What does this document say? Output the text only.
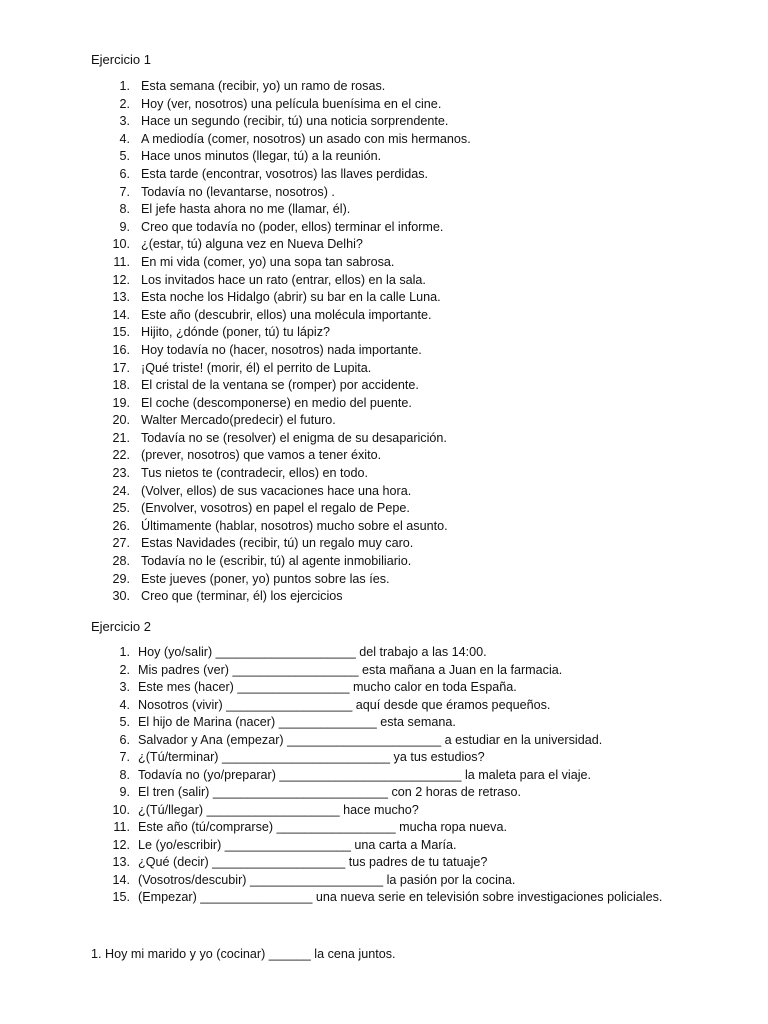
Ejercicio 1
1. Esta semana (recibir, yo) un ramo de rosas.
2. Hoy (ver, nosotros) una película buenísima en el cine.
3. Hace un segundo (recibir, tú) una noticia sorprendente.
4. A mediodía (comer, nosotros) un asado con mis hermanos.
5. Hace unos minutos (llegar, tú) a la reunión.
6. Esta tarde (encontrar, vosotros) las llaves perdidas.
7. Todavía no (levantarse, nosotros) .
8. El jefe hasta ahora no me (llamar, él).
9. Creo que todavía no (poder, ellos) terminar el informe.
10. ¿(estar, tú) alguna vez en Nueva Delhi?
11. En mi vida (comer, yo) una sopa tan sabrosa.
12. Los invitados hace un rato (entrar, ellos) en la sala.
13. Esta noche los Hidalgo (abrir) su bar en la calle Luna.
14. Este año (descubrir, ellos) una molécula importante.
15. Hijito, ¿dónde (poner, tú) tu lápiz?
16. Hoy todavía no (hacer, nosotros) nada importante.
17. ¡Qué triste! (morir, él) el perrito de Lupita.
18. El cristal de la ventana se (romper) por accidente.
19. El coche (descomponerse) en medio del puente.
20. Walter Mercado(predecir) el futuro.
21. Todavía no se (resolver) el enigma de su desaparición.
22. (prever, nosotros) que vamos a tener éxito.
23. Tus nietos te (contradecir, ellos) en todo.
24. (Volver, ellos) de sus vacaciones hace una hora.
25. (Envolver, vosotros) en papel el regalo de Pepe.
26. Últimamente (hablar, nosotros) mucho sobre el asunto.
27. Estas Navidades (recibir, tú) un regalo muy caro.
28. Todavía no le (escribir, tú) al agente inmobiliario.
29. Este jueves (poner, yo) puntos sobre las íes.
30. Creo que (terminar, él) los ejercicios
Ejercicio 2
1. Hoy (yo/salir) ____________________ del trabajo a las 14:00.
2. Mis padres (ver) __________________ esta mañana a Juan en la farmacia.
3. Este mes (hacer) ________________ mucho calor en toda España.
4. Nosotros (vivir) __________________ aquí desde que éramos pequeños.
5. El hijo de Marina (nacer) ______________ esta semana.
6. Salvador y Ana (empezar) ______________________ a estudiar en la universidad.
7. ¿(Tú/terminar) ________________________ ya tus estudios?
8. Todavía no (yo/preparar) __________________________ la maleta para el viaje.
9. El tren (salir) _________________________ con 2 horas de retraso.
10. ¿(Tú/llegar) ___________________ hace mucho?
11. Este año (tú/comprarse) _________________ mucha ropa nueva.
12. Le (yo/escribir) __________________ una carta a María.
13. ¿Qué (decir) ___________________ tus padres de tu tatuaje?
14. (Vosotros/descubir) ___________________ la pasión por la cocina.
15. (Empezar) ________________ una nueva serie en televisión sobre investigaciones policiales.
1. Hoy mi marido y yo (cocinar) ______ la cena juntos.
